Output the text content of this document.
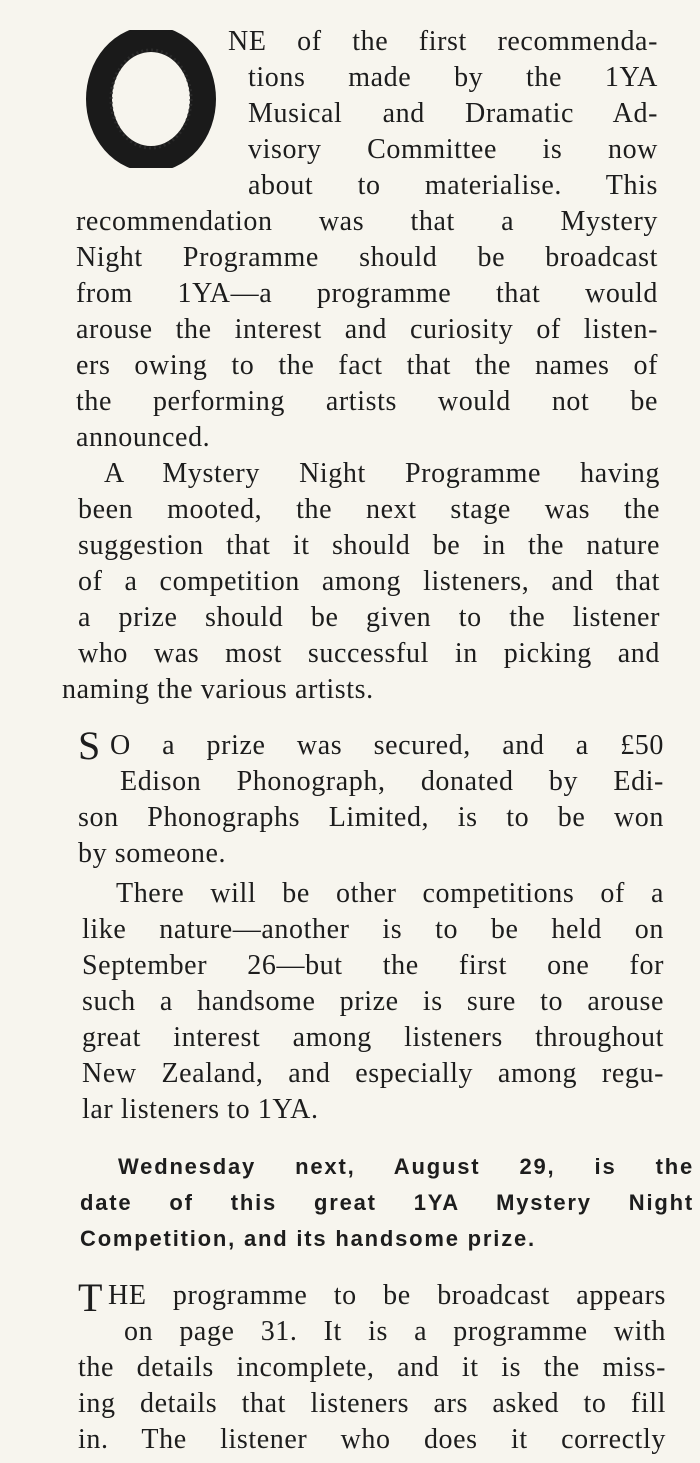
NE of the first recommenda-
tions made by the 1YA
Musical and Dramatic Ad-
visory Committee is now
about to materialise. This
recommendation was that a Mystery
Night Programme should be broadcast
from 1YA—a programme that would
arouse the interest and curiosity of listen-
ers owing to the fact that the names of
the performing artists would not be
announced.
A Mystery Night Programme having
been mooted, the next stage was the
suggestion that it should be in the nature
of a competition among listeners, and that
a prize should be given to the listener
who was most successful in picking and
naming the various artists.
S O a prize was secured, and a £50
Edison Phonograph, donated by Edi-
son Phonographs Limited, is to be won
by someone.
There will be other competitions of a
like nature—another is to be held on
September 26—but the first one for
such a handsome prize is sure to arouse
great interest among listeners throughout
New Zealand, and especially among regu-
lar listeners to 1YA.
Wednesday next, August 29, is the
date of this great 1YA Mystery Night
Competition, and its handsome prize.
T HE programme to be broadcast appears
on page 31. It is a programme with
the details incomplete, and it is the miss-
ing details that listeners ars asked to fill
in. The listener who does it correctly
